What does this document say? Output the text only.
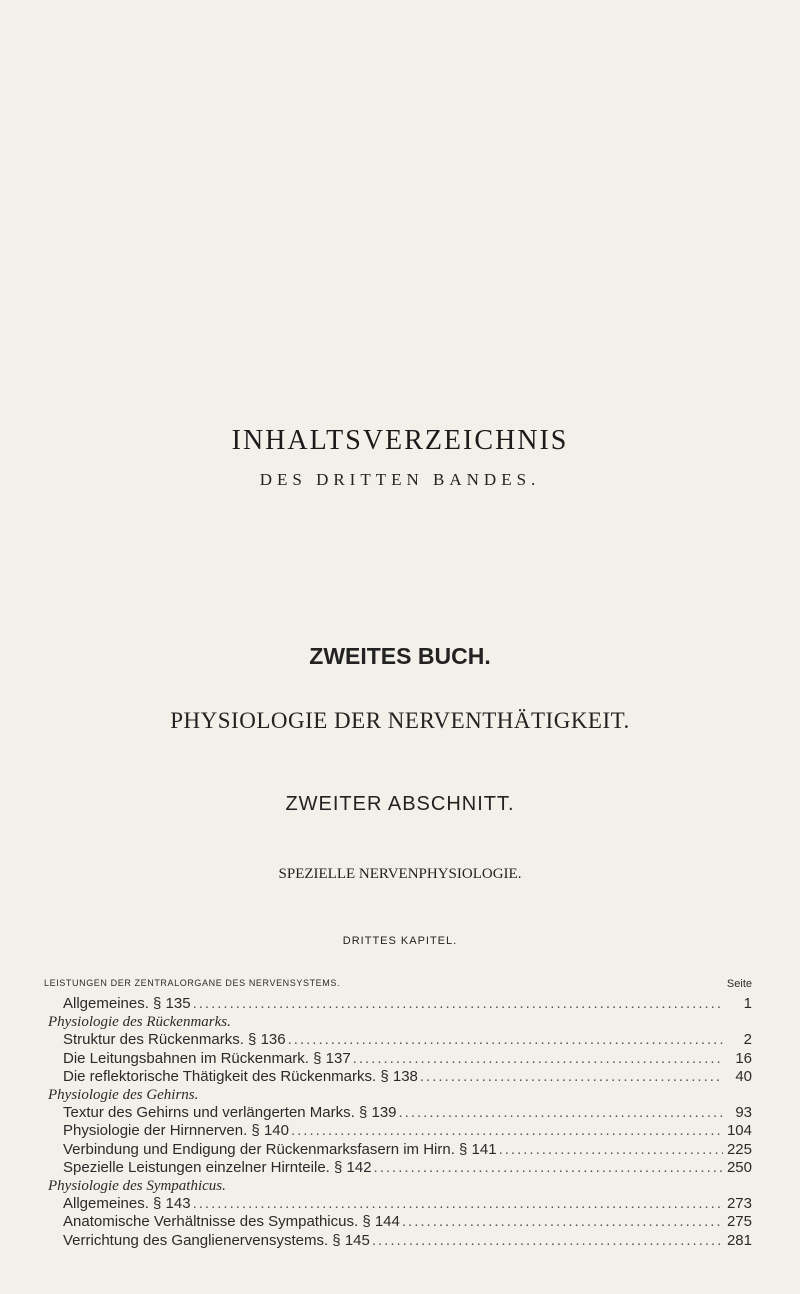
INHALTSVERZEICHNIS
DES DRITTEN BANDES.
ZWEITES BUCH.
PHYSIOLOGIE DER NERVENTHÄTIGKEIT.
ZWEITER ABSCHNITT.
SPEZIELLE NERVENPHYSIOLOGIE.
DRITTES KAPITEL.
LEISTUNGEN DER ZENTRALORGANE DES NERVENSYSTEMS.	Seite
Allgemeines. § 135 .....	1
Physiologie des Rückenmarks.
Struktur des Rückenmarks. § 136 .....	2
Die Leitungsbahnen im Rückenmark. § 137 .....	16
Die reflektorische Thätigkeit des Rückenmarks. § 138 .....	40
Physiologie des Gehirns.
Textur des Gehirns und verlängerten Marks. § 139 .....	93
Physiologie der Hirnnerven. § 140 .....	104
Verbindung und Endigung der Rückenmarksfasern im Hirn. § 141 .....	225
Spezielle Leistungen einzelner Hirnteile. § 142 .....	250
Physiologie des Sympathicus.
Allgemeines. § 143 .....	273
Anatomische Verhältnisse des Sympathicus. § 144 .....	275
Verrichtung des Ganglienervensystems. § 145 .....	281
